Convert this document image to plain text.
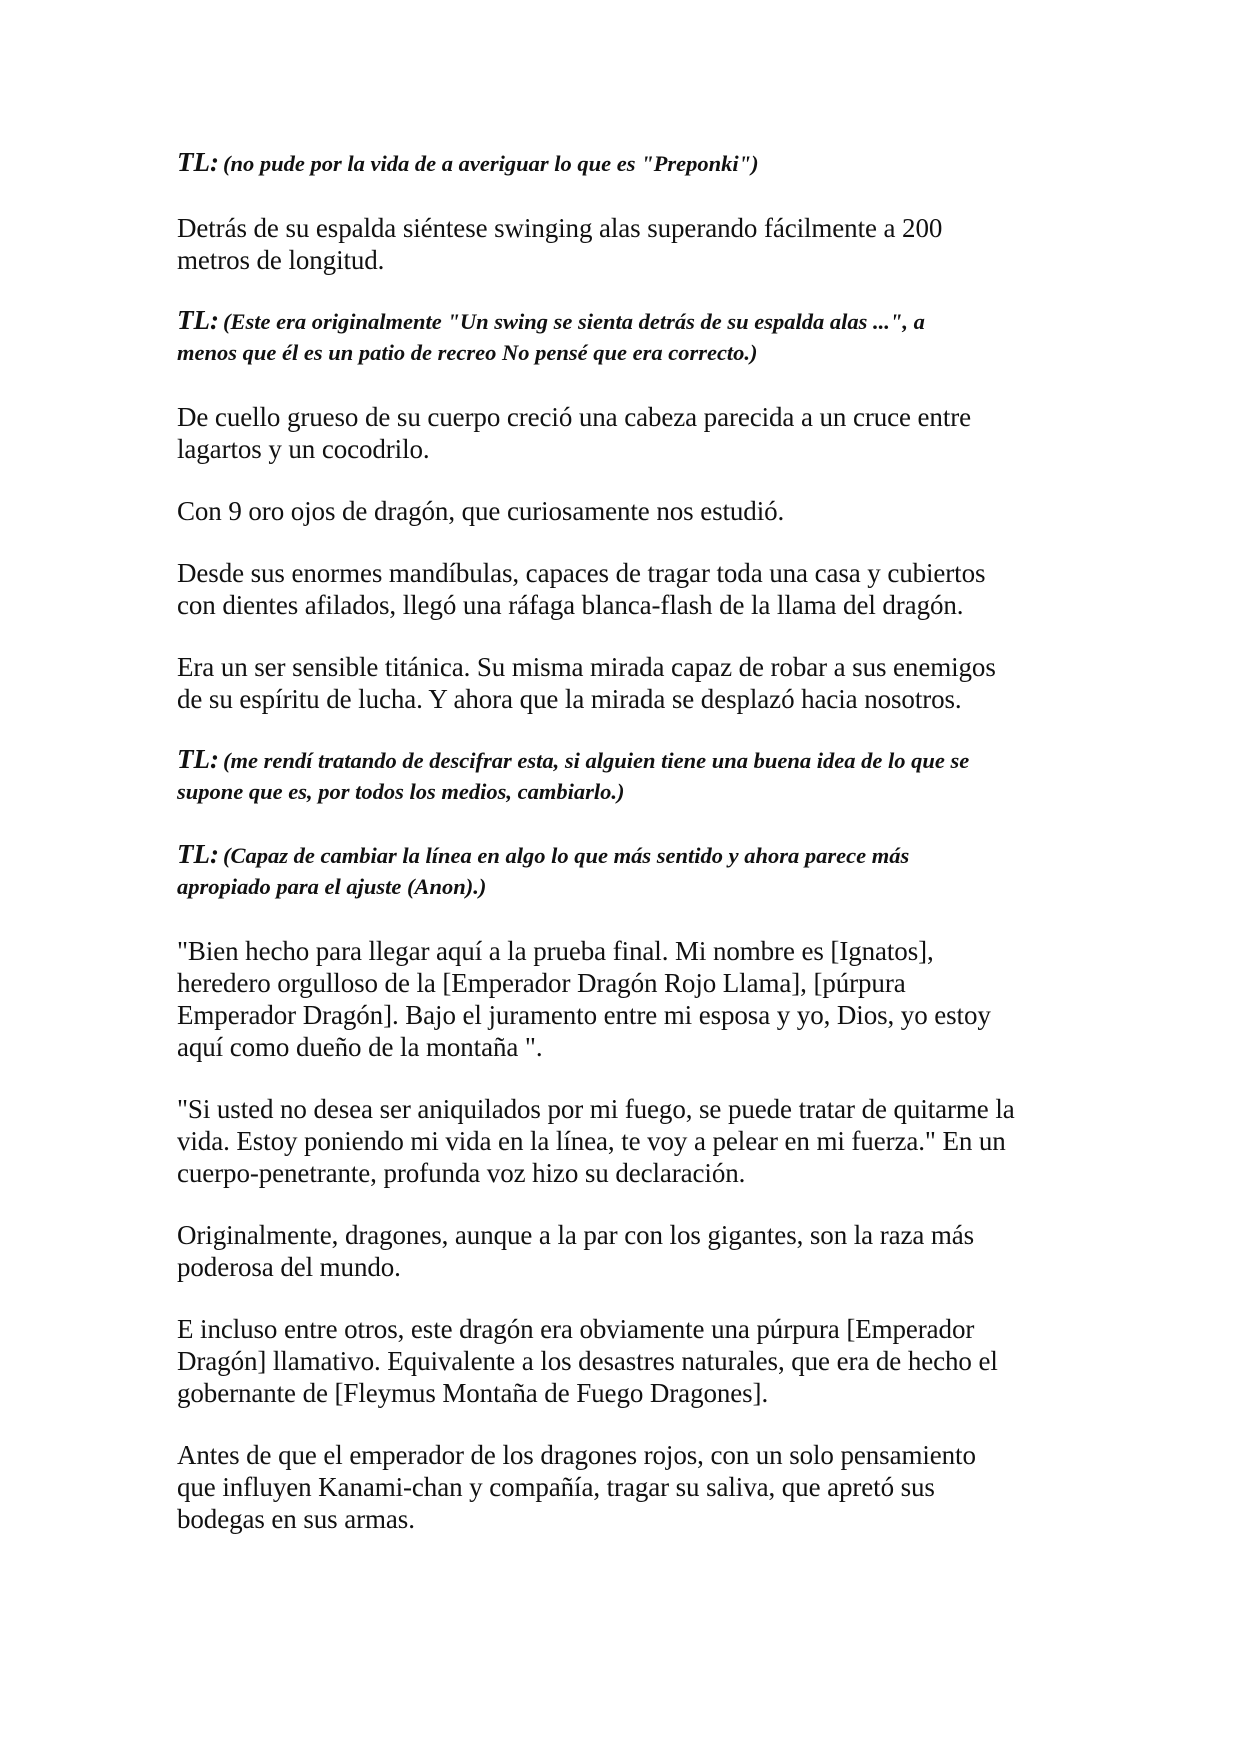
TL: (no pude por la vida de a averiguar lo que es "Preponki")

Detrás de su espalda siéntese swinging alas superando fácilmente a 200
metros de longitud.

TL: (Este era originalmente "Un swing se sienta detrás de su espalda alas ...", a
menos que él es un patio de recreo No pensé que era correcto.)

De cuello grueso de su cuerpo creció una cabeza parecida a un cruce entre
lagartos y un cocodrilo.

Con 9 oro ojos de dragón, que curiosamente nos estudió.

Desde sus enormes mandíbulas, capaces de tragar toda una casa y cubiertos
con dientes afilados, llegó una ráfaga blanca-flash de la llama del dragón.

Era un ser sensible titánica. Su misma mirada capaz de robar a sus enemigos
de su espíritu de lucha. Y ahora que la mirada se desplazó hacia nosotros.

TL: (me rendí tratando de descifrar esta, si alguien tiene una buena idea de lo que se
supone que es, por todos los medios, cambiarlo.)

TL: (Capaz de cambiar la línea en algo lo que más sentido y ahora parece más
apropiado para el ajuste (Anon).)

"Bien hecho para llegar aquí a la prueba final. Mi nombre es [Ignatos],
heredero orgulloso de la [Emperador Dragón Rojo Llama], [púrpura
Emperador Dragón]. Bajo el juramento entre mi esposa y yo, Dios, yo estoy
aquí como dueño de la montaña ".

"Si usted no desea ser aniquilados por mi fuego, se puede tratar de quitarme la
vida. Estoy poniendo mi vida en la línea, te voy a pelear en mi fuerza." En un
cuerpo-penetrante, profunda voz hizo su declaración.

Originalmente, dragones, aunque a la par con los gigantes, son la raza más
poderosa del mundo.

E incluso entre otros, este dragón era obviamente una púrpura [Emperador
Dragón] llamativo. Equivalente a los desastres naturales, que era de hecho el
gobernante de [Fleymus Montaña de Fuego Dragones].

Antes de que el emperador de los dragones rojos, con un solo pensamiento
que influyen Kanami-chan y compañía, tragar su saliva, que apretó sus
bodegas en sus armas.
